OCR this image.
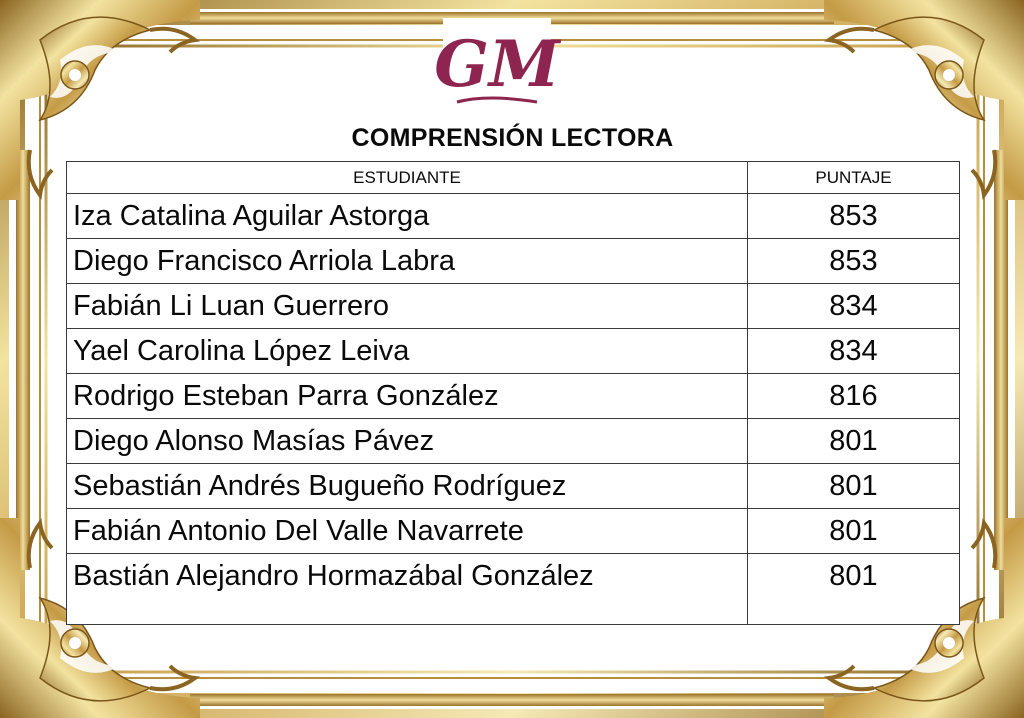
GM
COMPRENSIÓN LECTORA
ESTUDIANTE	PUNTAJE
Iza Catalina Aguilar Astorga	853
Diego Francisco Arriola Labra	853
Fabián Li Luan Guerrero	834
Yael Carolina López Leiva	834
Rodrigo Esteban Parra González	816
Diego Alonso Masías Pávez	801
Sebastián Andrés Bugueño Rodríguez	801
Fabián Antonio Del Valle Navarrete	801
Bastián Alejandro Hormazábal González	801
